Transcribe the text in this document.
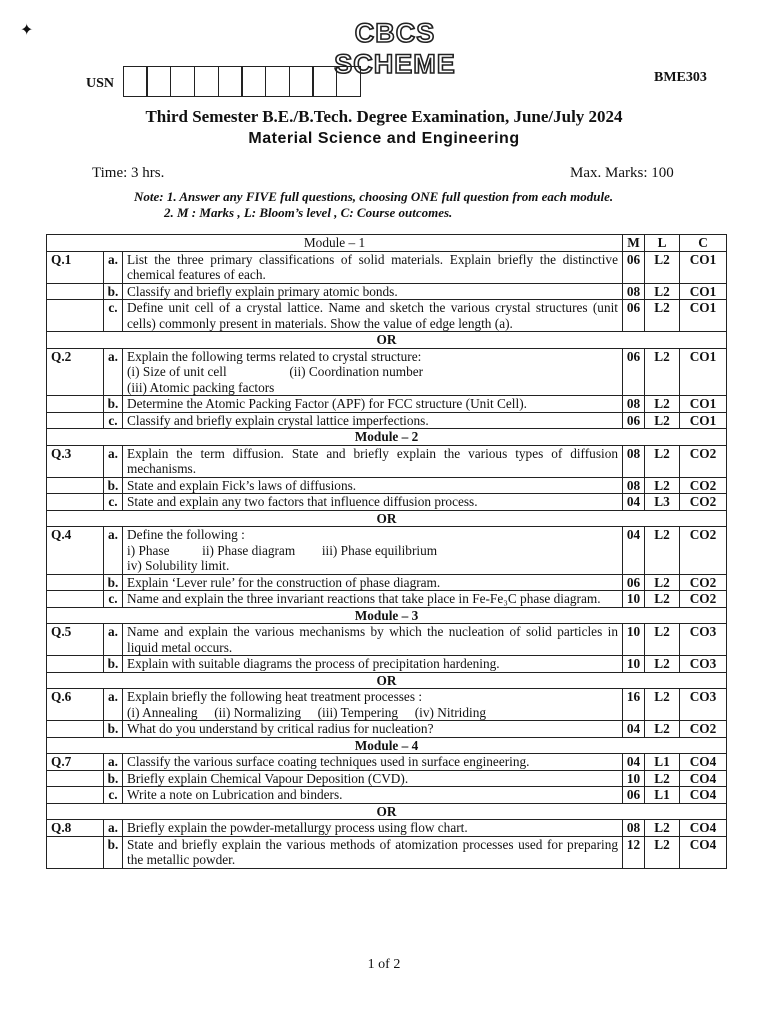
✦	CBCS SCHEME
USN	BME303
Third Semester B.E./B.Tech. Degree Examination, June/July 2024
Material Science and Engineering
Time: 3 hrs.	Max. Marks: 100
Note: 1. Answer any FIVE full questions, choosing ONE full question from each module.
2. M : Marks , L: Bloom’s level , C: Course outcomes.
Module – 1			M	L	C
Q.1	a.	List the three primary classifications of solid materials. Explain briefly the distinctive chemical features of each.	06	L2	CO1
	b.	Classify and briefly explain primary atomic bonds.	08	L2	CO1
	c.	Define unit cell of a crystal lattice. Name and sketch the various crystal structures (unit cells) commonly present in materials. Show the value of edge length (a).	06	L2	CO1
OR					
Q.2	a.	Explain the following terms related to crystal structure:
(i) Size of unit cell (ii) Coordination number
(iii) Atomic packing factors	06	L2	CO1
	b.	Determine the Atomic Packing Factor (APF) for FCC structure (Unit Cell).	08	L2	CO1
	c.	Classify and briefly explain crystal lattice imperfections.	06	L2	CO1
Module – 2					
Q.3	a.	Explain the term diffusion. State and briefly explain the various types of diffusion mechanisms.	08	L2	CO2
	b.	State and explain Fick’s laws of diffusions.	08	L2	CO2
	c.	State and explain any two factors that influence diffusion process.	04	L3	CO2
OR					
Q.4	a.	Define the following :
i) Phase ii) Phase diagram iii) Phase equilibrium
iv) Solubility limit.	04	L2	CO2
	b.	Explain ‘Lever rule’ for the construction of phase diagram.	06	L2	CO2
	c.	Name and explain the three invariant reactions that take place in Fe-Fe₃C phase diagram.	10	L2	CO2
Module – 3					
Q.5	a.	Name and explain the various mechanisms by which the nucleation of solid particles in liquid metal occurs.	10	L2	CO3
	b.	Explain with suitable diagrams the process of precipitation hardening.	10	L2	CO3
OR					
Q.6	a.	Explain briefly the following heat treatment processes :
(i) Annealing (ii) Normalizing (iii) Tempering (iv) Nitriding	16	L2	CO3
	b.	What do you understand by critical radius for nucleation?	04	L2	CO2
Module – 4					
Q.7	a.	Classify the various surface coating techniques used in surface engineering.	04	L1	CO4
	b.	Briefly explain Chemical Vapour Deposition (CVD).	10	L2	CO4
	c.	Write a note on Lubrication and binders.	06	L1	CO4
OR					
Q.8	a.	Briefly explain the powder-metallurgy process using flow chart.	08	L2	CO4
	b.	State and briefly explain the various methods of atomization processes used for preparing the metallic powder.	12	L2	CO4
1 of 2
